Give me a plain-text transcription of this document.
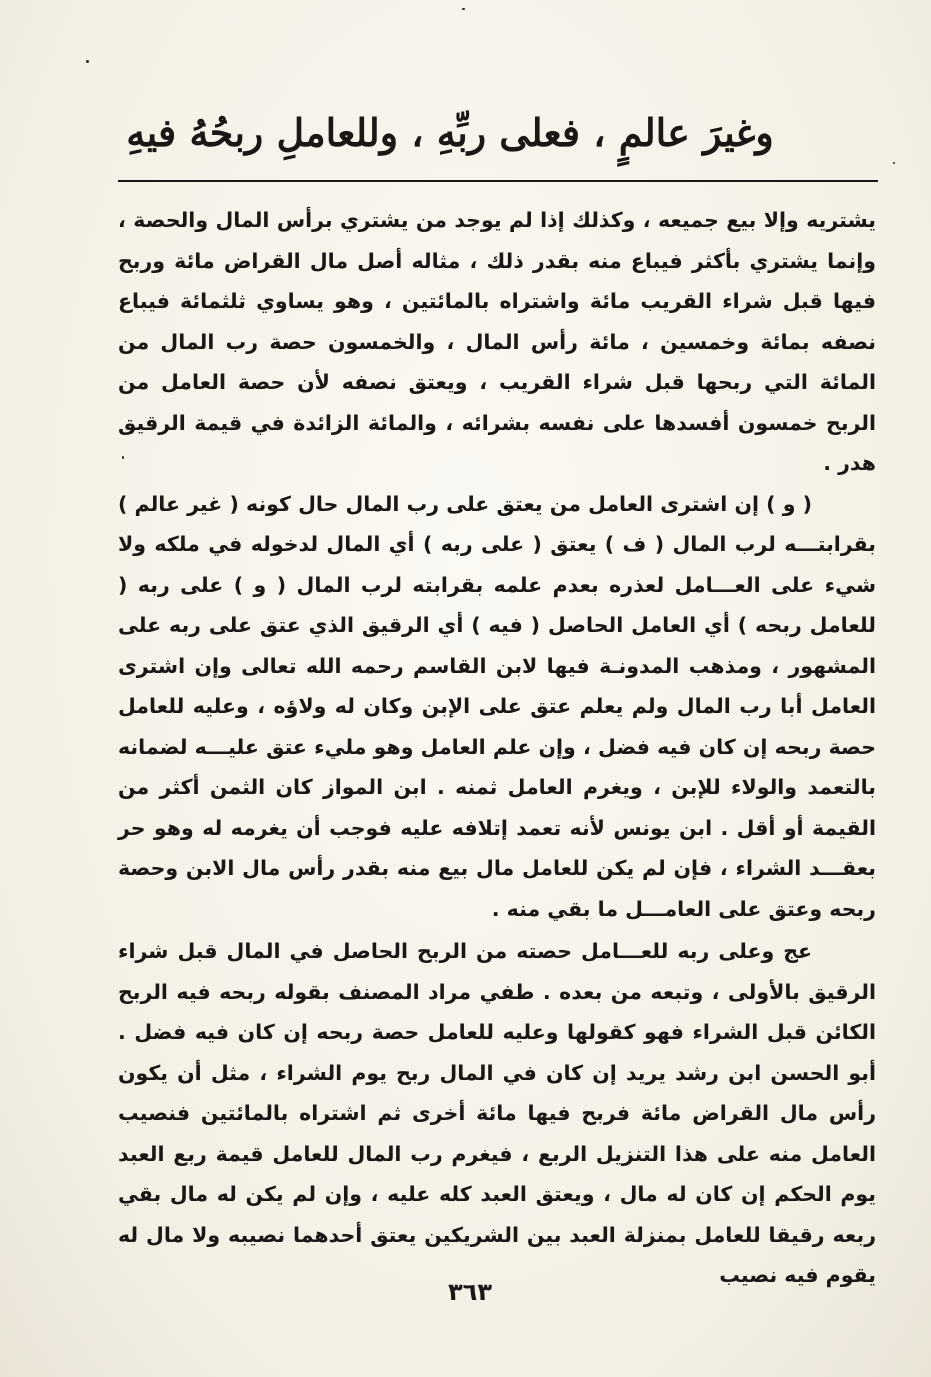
وغيرَ عالمٍ ، فعلى ربِّهِ ، وللعاملِ ربحُهُ فيهِ

يشتريه وإلا بيع جميعه ، وكذلك إذا لم يوجد من يشتري برأس المال والحصة ، وإنما يشتري بأكثر فيباع منه بقدر ذلك ، مثاله أصل مال القراض مائة وربح فيها قبل شراء القريب مائة واشتراه بالمائتين ، وهو يساوي ثلثمائة فيباع نصفه بمائة وخمسين ، مائة رأس المال ، والخمسون حصة رب المال من المائة التي ربحها قبل شراء القريب ، ويعتق نصفه لأن حصة العامل من الربح خمسون أفسدها على نفسه بشرائه ، والمائة الزائدة في قيمة الرقيق هدر .

( و ) إن اشترى العامل من يعتق على رب المال حال كونه ( غير عالم ) بقرابتـــه لرب المال ( ف ) يعتق ( على ربه ) أي المال لدخوله في ملكه ولا شيء على العـــامل لعذره بعدم علمه بقرابته لرب المال ( و ) على ربه ( للعامل ربحه ) أي العامل الحاصل ( فيه ) أي الرقيق الذي عتق على ربه على المشهور ، ومذهب المدونـة فيها لابن القاسم رحمه الله تعالى وإن اشترى العامل أبا رب المال ولم يعلم عتق على الإبن وكان له ولاؤه ، وعليه للعامل حصة ربحه إن كان فيه فضل ، وإن علم العامل وهو مليء عتق عليـــه لضمانه بالتعمد والولاء للإبن ، ويغرم العامل ثمنه . ابن المواز كان الثمن أكثر من القيمة أو أقل . ابن يونس لأنه تعمد إتلافه عليه فوجب أن يغرمه له وهو حر بعقـــد الشراء ، فإن لم يكن للعامل مال بيع منه بقدر رأس مال الابن وحصة ربحه وعتق على العامـــل ما بقي منه .

عج وعلى ربه للعـــامل حصته من الربح الحاصل في المال قبل شراء الرقيق بالأولى ، وتبعه من بعده . طفي مراد المصنف بقوله ربحه فيه الربح الكائن قبل الشراء فهو كقولها وعليه للعامل حصة ربحه إن كان فيه فضل . أبو الحسن ابن رشد يريد إن كان في المال ربح يوم الشراء ، مثل أن يكون رأس مال القراض مائة فربح فيها مائة أخرى ثم اشتراه بالمائتين فنصيب العامل منه على هذا التنزيل الربع ، فيغرم رب المال للعامل قيمة ربع العبد يوم الحكم إن كان له مال ، ويعتق العبد كله عليه ، وإن لم يكن له مال بقي ربعه رقيقا للعامل بمنزلة العبد بين الشريكين يعتق أحدهما نصيبه ولا مال له يقوم فيه نصيب

٣٦٣
